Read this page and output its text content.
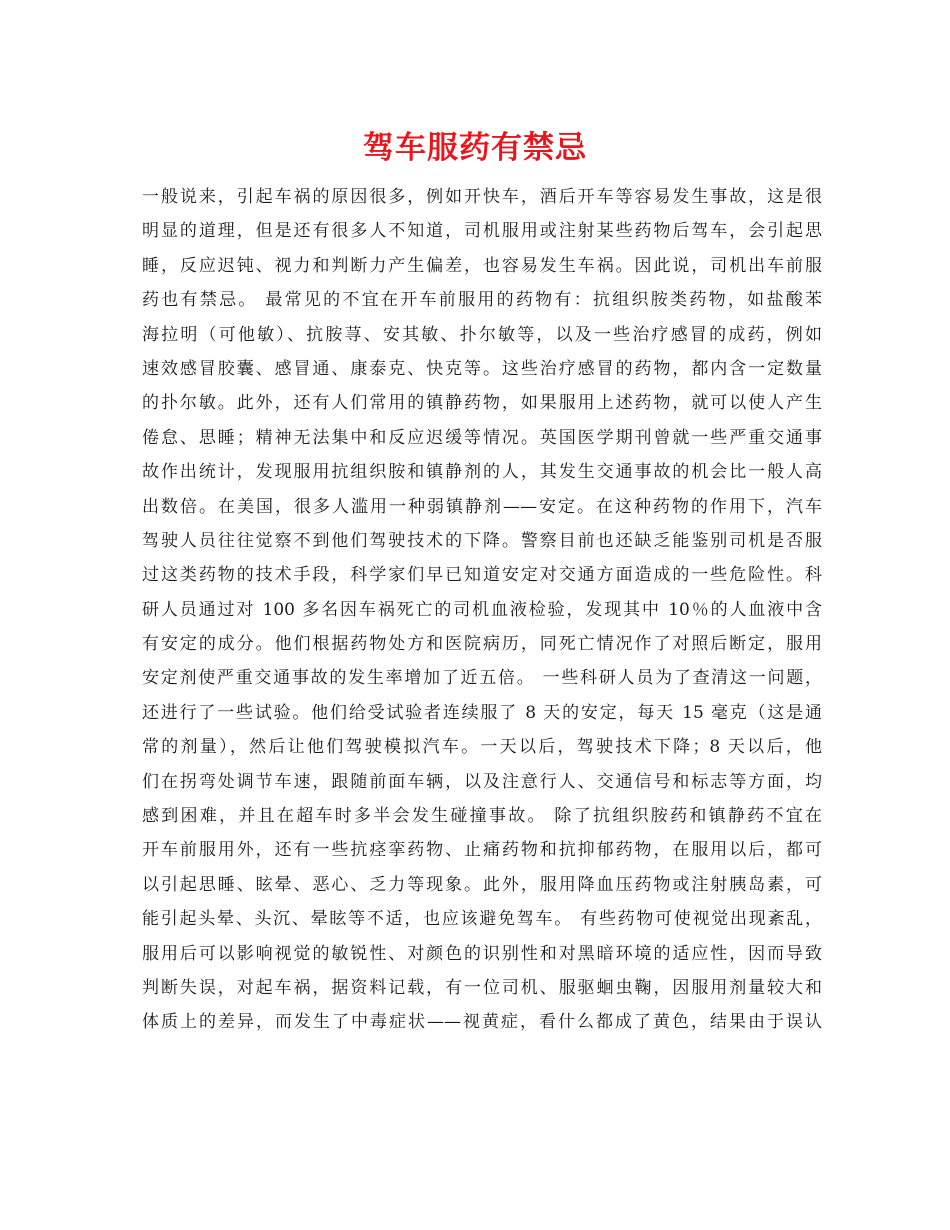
驾车服药有禁忌
一般说来，引起车祸的原因很多，例如开快车，酒后开车等容易发生事故，这是很
明显的道理，但是还有很多人不知道，司机服用或注射某些药物后驾车，会引起思
睡，反应迟钝、视力和判断力产生偏差，也容易发生车祸。因此说，司机出车前服
药也有禁忌。 最常见的不宜在开车前服用的药物有：抗组织胺类药物，如盐酸苯
海拉明（可他敏）、抗胺荨、安其敏、扑尔敏等，以及一些治疗感冒的成药，例如
速效感冒胶囊、感冒通、康泰克、快克等。这些治疗感冒的药物，都内含一定数量
的扑尔敏。此外，还有人们常用的镇静药物，如果服用上述药物，就可以使人产生
倦怠、思睡；精神无法集中和反应迟缓等情况。英国医学期刊曾就一些严重交通事
故作出统计，发现服用抗组织胺和镇静剂的人，其发生交通事故的机会比一般人高
出数倍。在美国，很多人滥用一种弱镇静剂——安定。在这种药物的作用下，汽车
驾驶人员往往觉察不到他们驾驶技术的下降。警察目前也还缺乏能鉴别司机是否服
过这类药物的技术手段，科学家们早已知道安定对交通方面造成的一些危险性。科
研人员通过对 100 多名因车祸死亡的司机血液检验，发现其中 10％的人血液中含
有安定的成分。他们根据药物处方和医院病历，同死亡情况作了对照后断定，服用
安定剂使严重交通事故的发生率增加了近五倍。 一些科研人员为了查清这一问题，
还进行了一些试验。他们给受试验者连续服了 8 天的安定，每天 15 毫克（这是通
常的剂量），然后让他们驾驶模拟汽车。一天以后，驾驶技术下降；8 天以后，他
们在拐弯处调节车速，跟随前面车辆，以及注意行人、交通信号和标志等方面，均
感到困难，并且在超车时多半会发生碰撞事故。 除了抗组织胺药和镇静药不宜在
开车前服用外，还有一些抗痉挛药物、止痛药物和抗抑郁药物，在服用以后，都可
以引起思睡、眩晕、恶心、乏力等现象。此外，服用降血压药物或注射胰岛素，可
能引起头晕、头沉、晕眩等不适，也应该避免驾车。 有些药物可使视觉出现紊乱，
服用后可以影响视觉的敏锐性、对颜色的识别性和对黑暗环境的适应性，因而导致
判断失误，对起车祸，据资料记载，有一位司机、服驱蛔虫鞠，因服用剂量较大和
体质上的差异，而发生了中毒症状——视黄症，看什么都成了黄色，结果由于误认
